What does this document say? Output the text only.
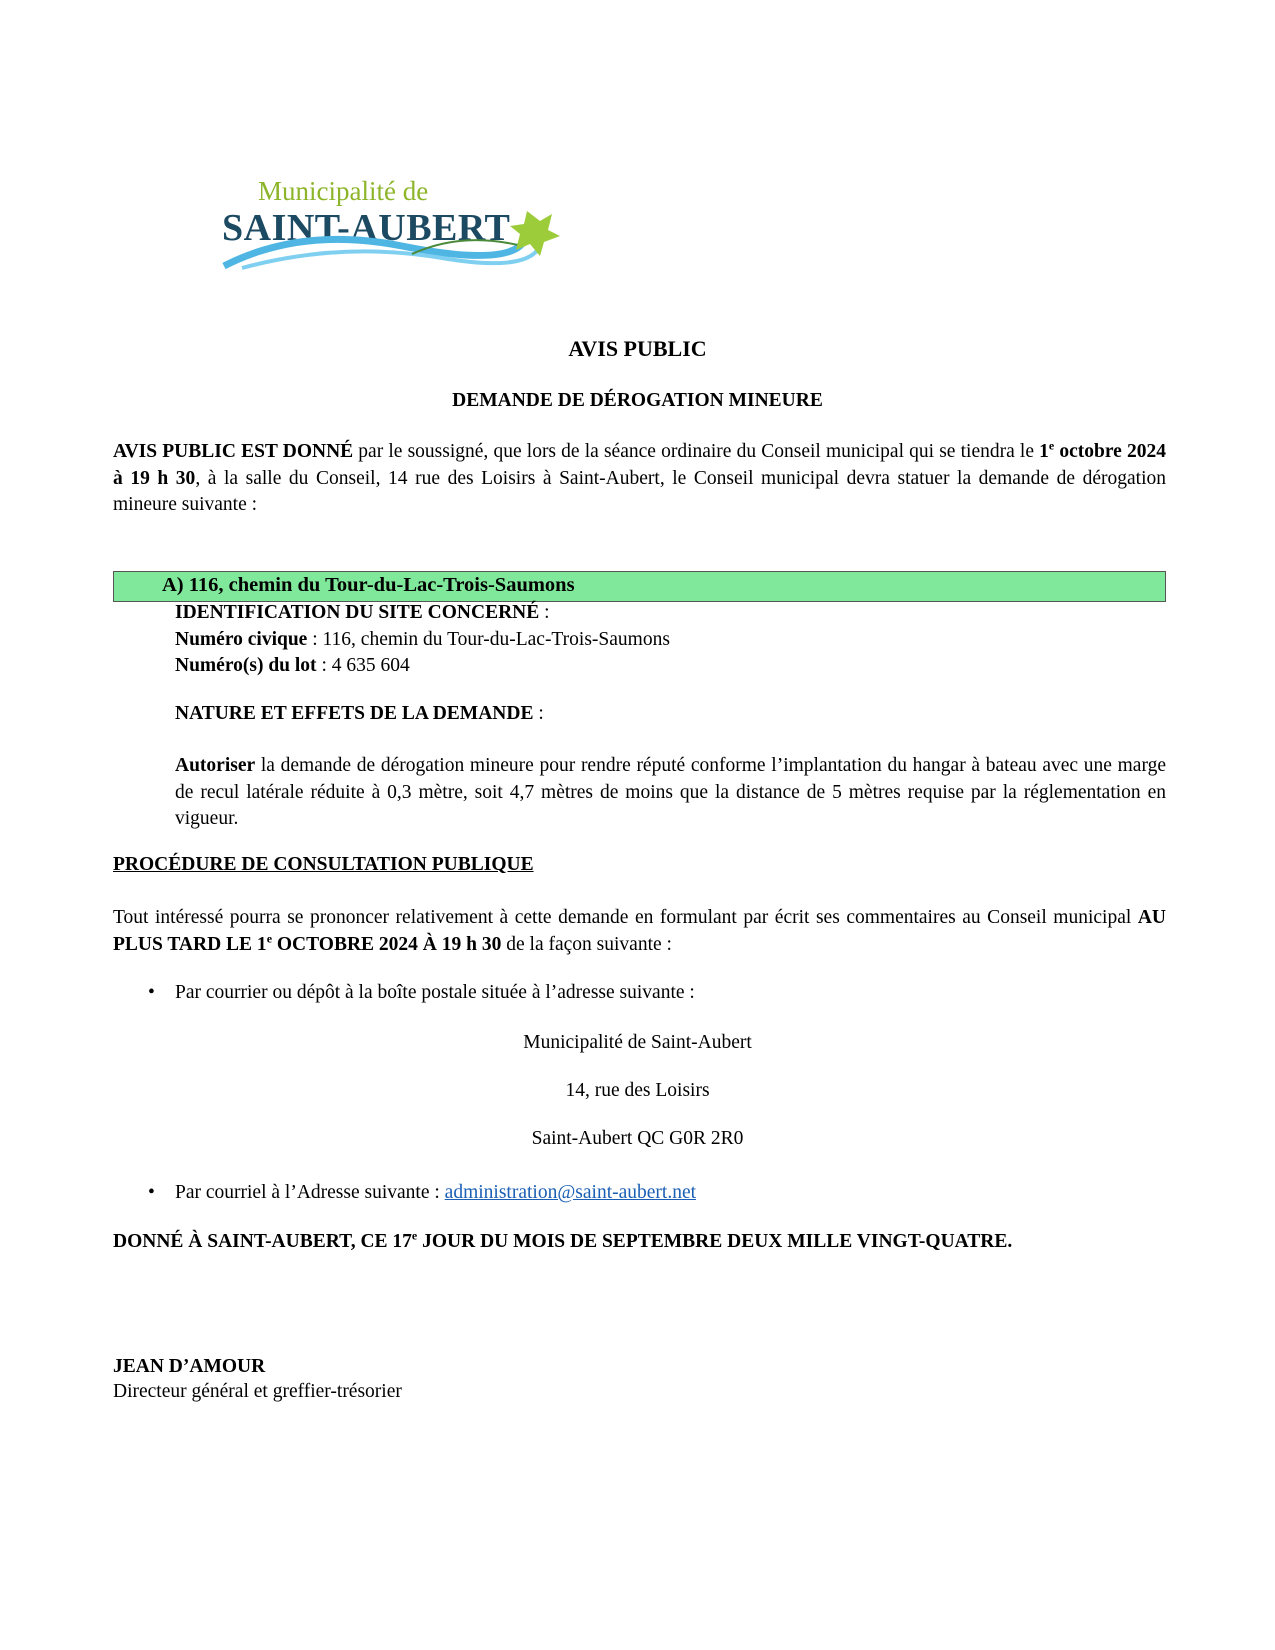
Municipalité de
SAINT-AUBERT
AVIS PUBLIC
DEMANDE DE DÉROGATION MINEURE
AVIS PUBLIC EST DONNÉ par le soussigné, que lors de la séance ordinaire du Conseil municipal qui se tiendra le 1e octobre 2024 à 19 h 30, à la salle du Conseil, 14 rue des Loisirs à Saint-Aubert, le Conseil municipal devra statuer la demande de dérogation mineure suivante :
A) 116, chemin du Tour-du-Lac-Trois-Saumons
IDENTIFICATION DU SITE CONCERNÉ :
Numéro civique : 116, chemin du Tour-du-Lac-Trois-Saumons
Numéro(s) du lot : 4 635 604
NATURE ET EFFETS DE LA DEMANDE :
Autoriser la demande de dérogation mineure pour rendre réputé conforme l’implantation du hangar à bateau avec une marge de recul latérale réduite à 0,3 mètre, soit 4,7 mètres de moins que la distance de 5 mètres requise par la réglementation en vigueur.
PROCÉDURE DE CONSULTATION PUBLIQUE
Tout intéressé pourra se prononcer relativement à cette demande en formulant par écrit ses commentaires au Conseil municipal AU PLUS TARD LE 1e OCTOBRE 2024 À 19 h 30 de la façon suivante :
• Par courrier ou dépôt à la boîte postale située à l’adresse suivante :
Municipalité de Saint-Aubert
14, rue des Loisirs
Saint-Aubert QC G0R 2R0
• Par courriel à l’Adresse suivante : administration@saint-aubert.net
DONNÉ À SAINT-AUBERT, CE 17e JOUR DU MOIS DE SEPTEMBRE DEUX MILLE VINGT-QUATRE.
JEAN D’AMOUR
Directeur général et greffier-trésorier
